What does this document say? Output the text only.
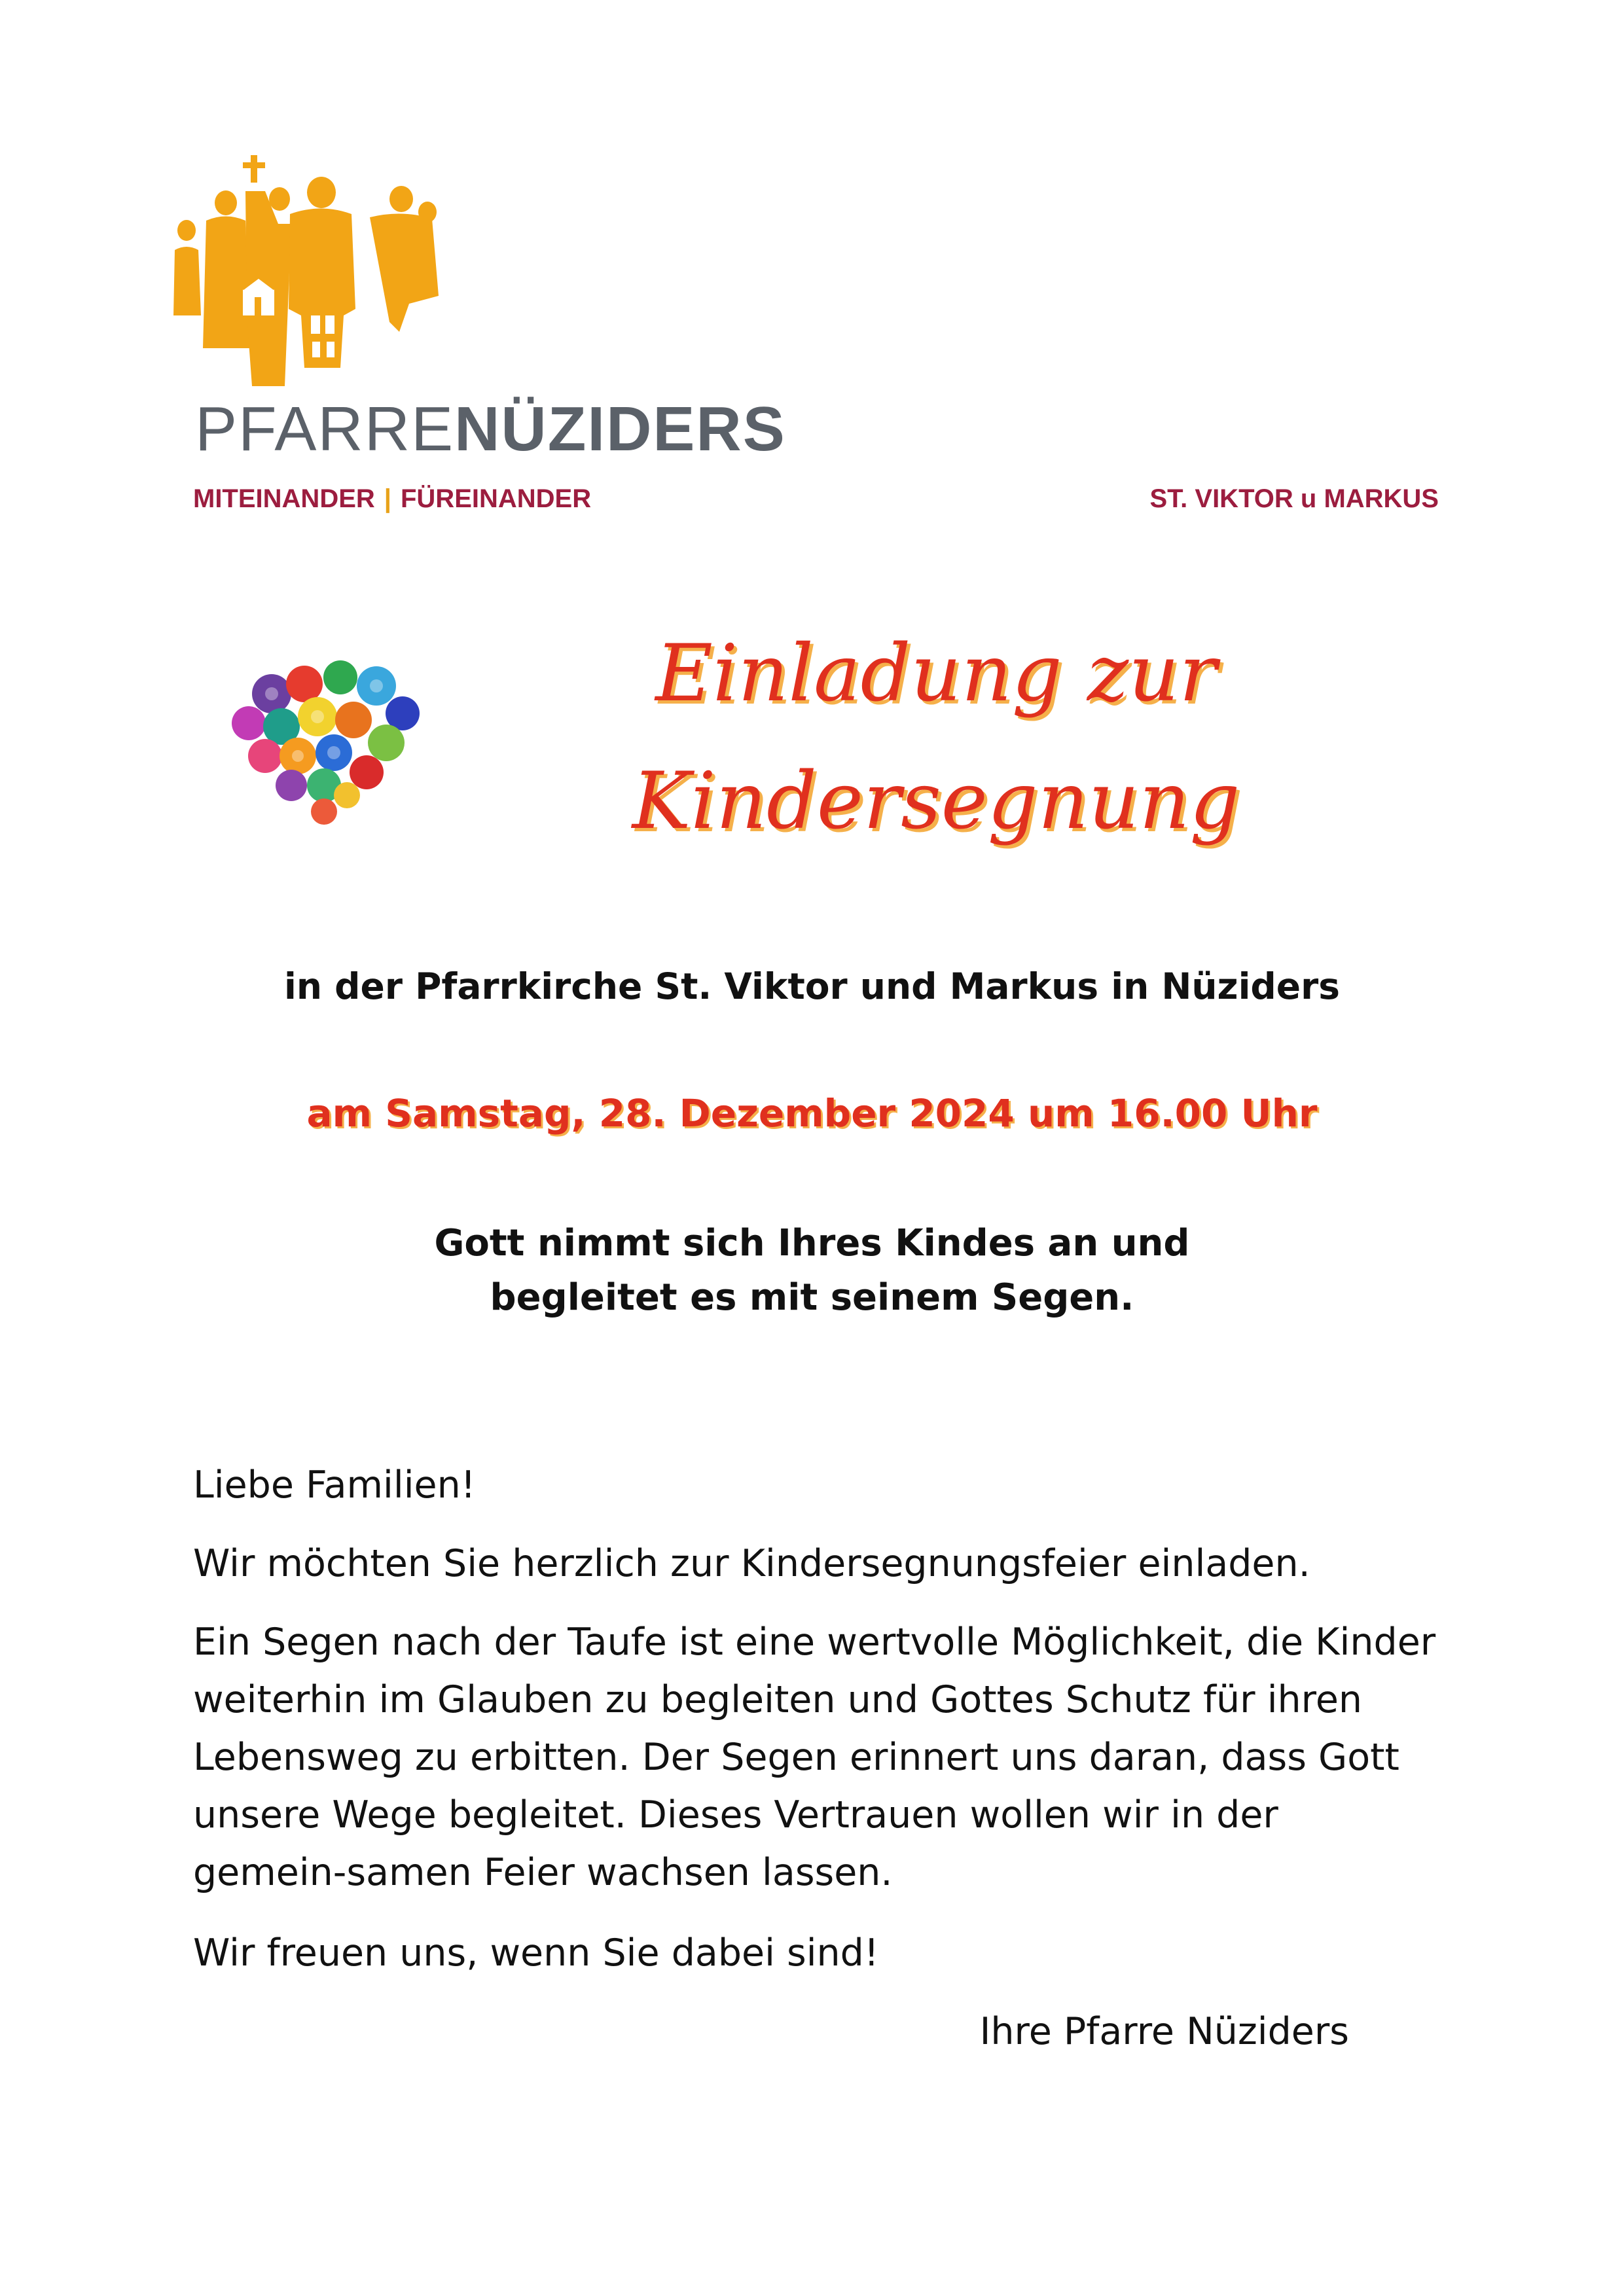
PFARRENÜZIDERS
MITEINANDER | FÜREINANDER	ST. VIKTOR u MARKUS
Einladung zur
Kindersegnung
in der Pfarrkirche St. Viktor und Markus in Nüziders
am Samstag, 28. Dezember 2024 um 16.00 Uhr
Gott nimmt sich Ihres Kindes an und
begleitet es mit seinem Segen.
Liebe Familien!
Wir möchten Sie herzlich zur Kindersegnungsfeier einladen.
Ein Segen nach der Taufe ist eine wertvolle Möglichkeit, die Kinder weiterhin im Glauben zu begleiten und Gottes Schutz für ihren Lebensweg zu erbitten. Der Segen erinnert uns daran, dass Gott unsere Wege begleitet. Dieses Vertrauen wollen wir in der gemein-samen Feier wachsen lassen.
Wir freuen uns, wenn Sie dabei sind!
Ihre Pfarre Nüziders
